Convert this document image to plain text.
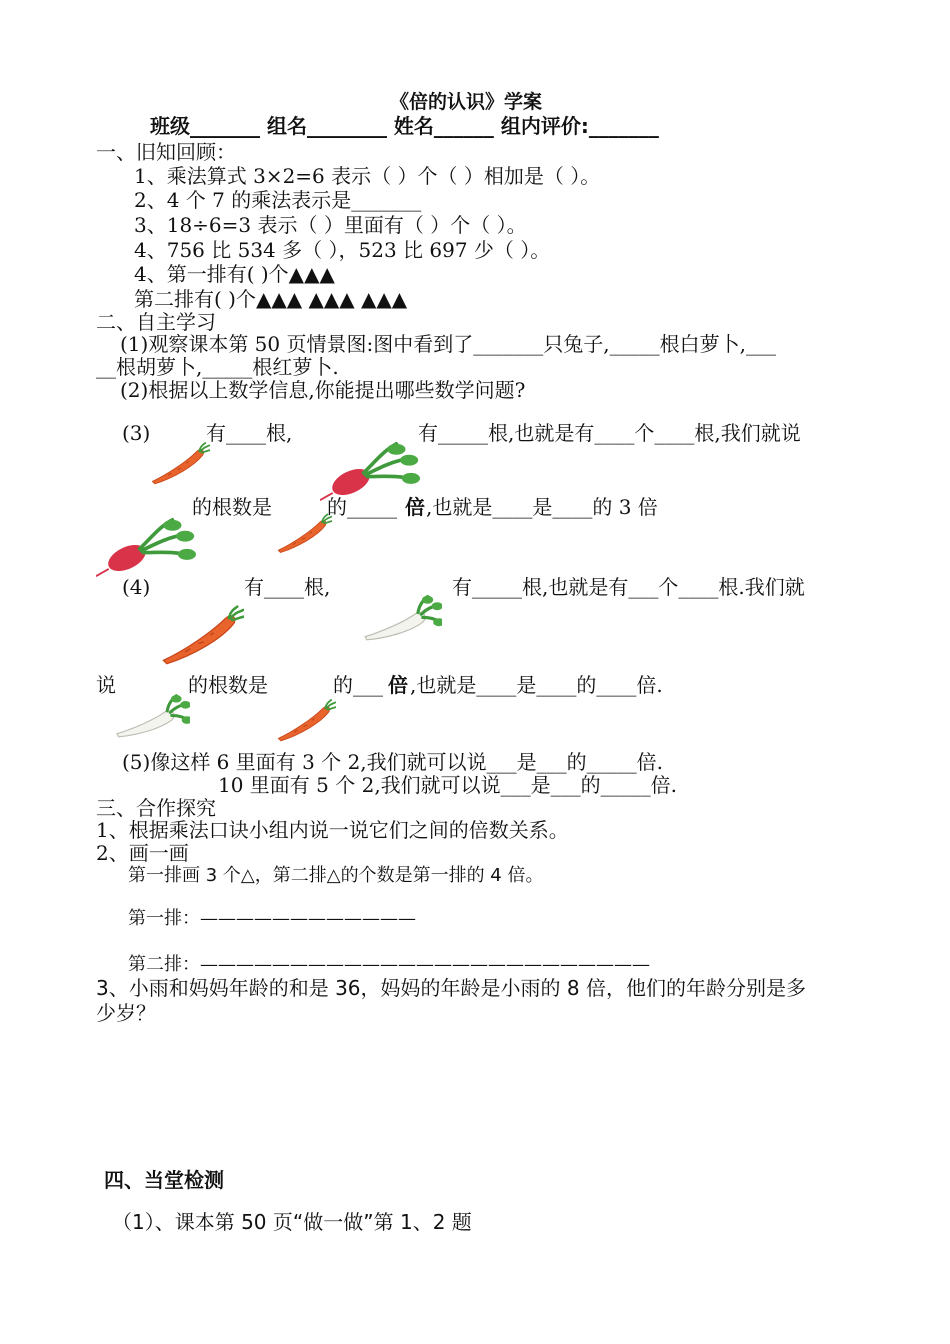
《倍的认识》学案
班级_______ 组名________ 姓名______ 组内评价:_______
一、旧知回顾：
1、乘法算式 3×2=6 表示（ ）个（ ）相加是（ ）。
2、4 个 7 的乘法表示是_______
3、18÷6=3 表示（ ）里面有（ ）个（ ）。
4、756 比 534 多（ ），523 比 697 少（ ）。
4、第一排有( )个▲▲▲
第二排有( )个▲▲▲ ▲▲▲ ▲▲▲
二、自主学习
(1)观察课本第 50 页情景图:图中看到了_______只兔子,_____根白萝卜,___
__根胡萝卜,_____根红萝卜.
(2)根据以上数学信息,你能提出哪些数学问题?
(3)	有____根,	有_____根,也就是有____个____根,我们就说
的根数是	的_____ 倍 ,也就是____是____的 3 倍
(4)	有____根,	有_____根,也就是有___个____根.我们就
说	的根数是	的___ 倍 ,也就是____是____的____倍.
(5)像这样 6 里面有 3 个 2,我们就可以说___是___的_____倍.
10 里面有 5 个 2,我们就可以说___是___的_____倍.
三、合作探究
1、根据乘法口诀小组内说一说它们之间的倍数关系。
2、画一画
第一排画 3 个△，第二排△的个数是第一排的 4 倍。
第一排：————————————
第二排：—————————————————————————
3、小雨和妈妈年龄的和是 36，妈妈的年龄是小雨的 8 倍，他们的年龄分别是多
少岁？
四、当堂检测
（1）、课本第 50 页“做一做”第 1、2 题
